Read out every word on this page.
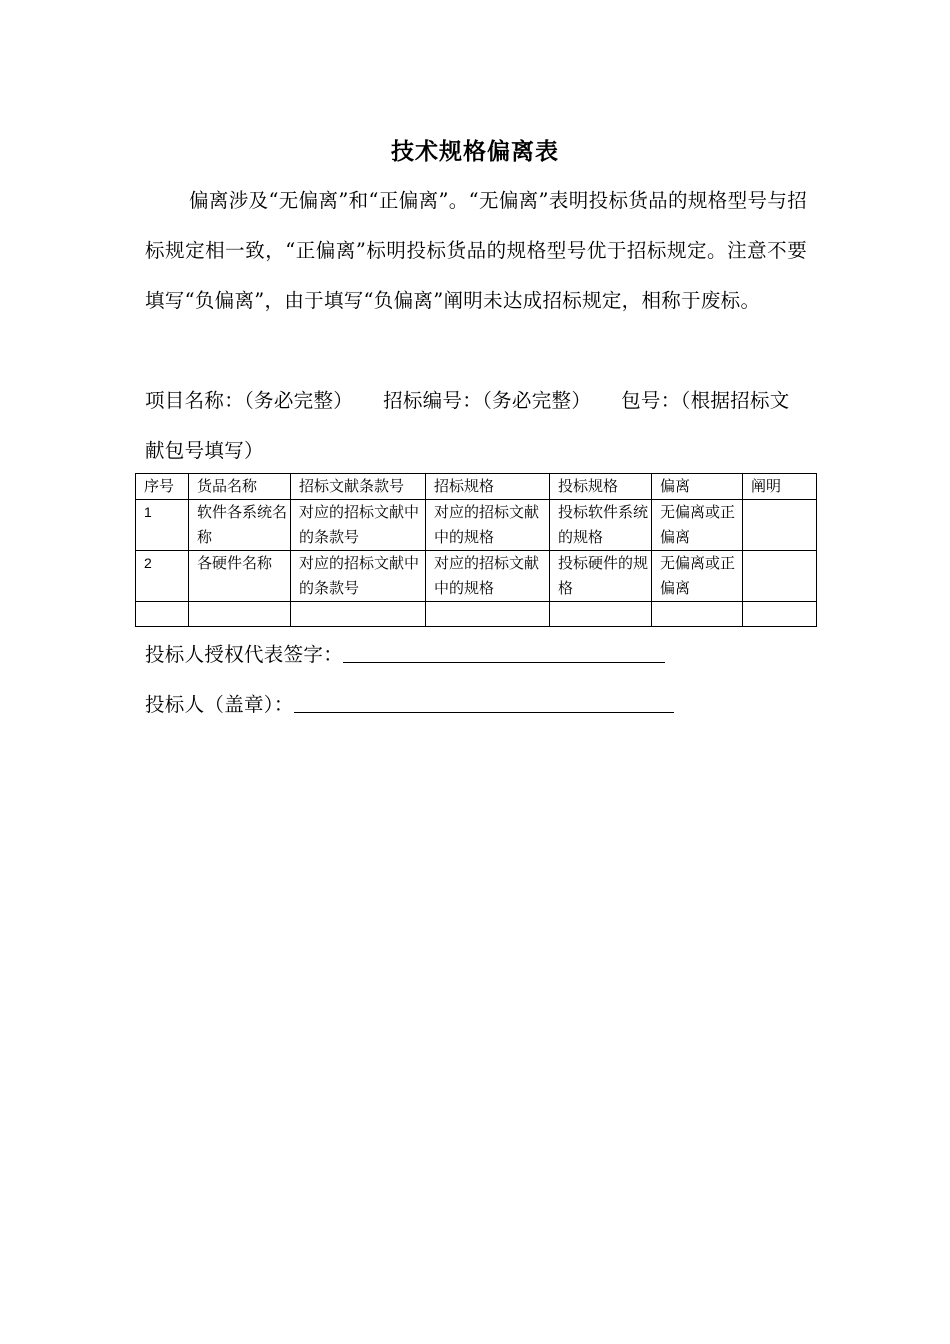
技术规格偏离表

偏离涉及“无偏离”和“正偏离”。“无偏离”表明投标货品的规格型号与招标规定相一致，“正偏离”标明投标货品的规格型号优于招标规定。注意不要填写“负偏离”，由于填写“负偏离”阐明未达成招标规定，相称于废标。

项目名称：（务必完整） 招标编号：（务必完整） 包号：（根据招标文献包号填写）

序号	货品名称	招标文献条款号	招标规格	投标规格	偏离	阐明
1	软件各系统名称	对应的招标文献中的条款号	对应的招标文献中的规格	投标软件系统的规格	无偏离或正偏离	
2	各硬件名称	对应的招标文献中的条款号	对应的招标文献中的规格	投标硬件的规格	无偏离或正偏离	

投标人授权代表签字：
投标人（盖章）：
